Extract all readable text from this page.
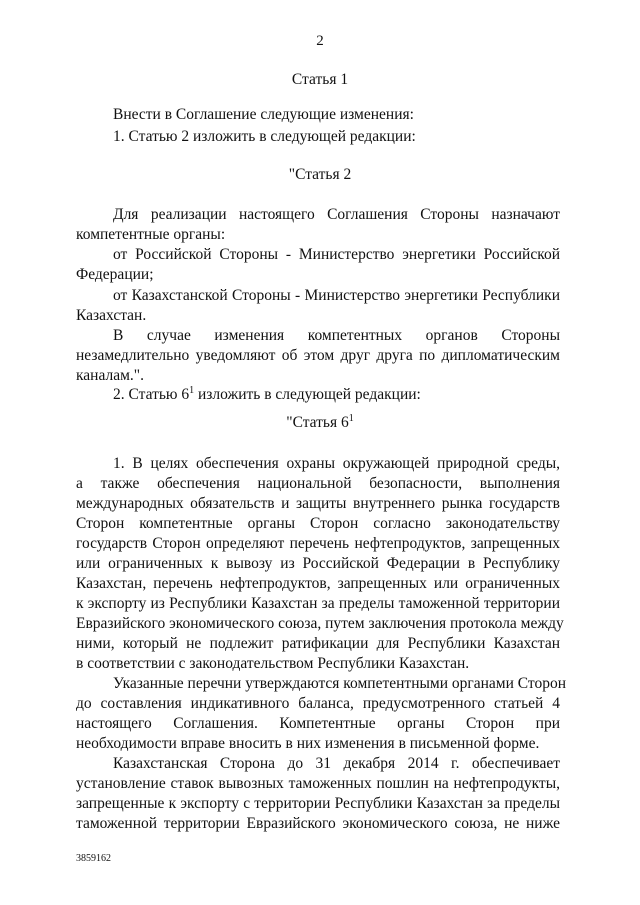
2
Статья 1
Внести в Соглашение следующие изменения:
1. Статью 2 изложить в следующей редакции:
"Статья 2
Для реализации настоящего Соглашения Стороны назначают
компетентные органы:
от Российской Стороны - Министерство энергетики Российской
Федерации;
от Казахстанской Стороны - Министерство энергетики Республики
Казахстан.
В случае изменения компетентных органов Стороны
незамедлительно уведомляют об этом друг друга по дипломатическим
каналам.".
2. Статью $6^1$ изложить в следующей редакции:
"Статья $6^1$
1. В целях обеспечения охраны окружающей природной среды,
а также обеспечения национальной безопасности, выполнения
международных обязательств и защиты внутреннего рынка государств
Сторон компетентные органы Сторон согласно законодательству
государств Сторон определяют перечень нефтепродуктов, запрещенных
или ограниченных к вывозу из Российской Федерации в Республику
Казахстан, перечень нефтепродуктов, запрещенных или ограниченных
к экспорту из Республики Казахстан за пределы таможенной территории
Евразийского экономического союза, путем заключения протокола между
ними, который не подлежит ратификации для Республики Казахстан
в соответствии с законодательством Республики Казахстан.
Указанные перечни утверждаются компетентными органами Сторон
до составления индикативного баланса, предусмотренного статьей 4
настоящего Соглашения. Компетентные органы Сторон при
необходимости вправе вносить в них изменения в письменной форме.
Казахстанская Сторона до 31 декабря 2014 г. обеспечивает
установление ставок вывозных таможенных пошлин на нефтепродукты,
запрещенные к экспорту с территории Республики Казахстан за пределы
таможенной территории Евразийского экономического союза, не ниже
3859162
